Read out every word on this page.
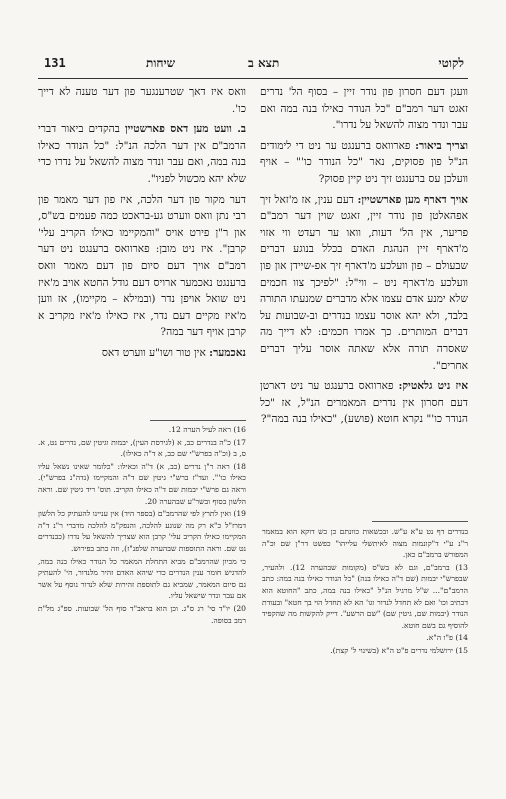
131	שיחות	תצא ב	לקוטי

וועגן דעם חסרון פון נודר זיין – בסוף הל' נדרים זאגט דער רמב"ם "כל הנודר כאילו בנה במה ואם עבר ונדר מצוה להשאל על נדרו".

וצריך ביאור: פארוואס ברענגט ער ניט די לימודים הנ"ל פון פסוקים, נאר "כל הנודר כו'" – אויף וועלכן עס ברענגט זיך ניט קיין פסוק?

אויך דארף מען פארשטיין: דעם ענין, אז מ'זאל זיך אפהאלטן פון נודר זיין, זאגט שוין דער רמב"ם פריער, אין הל' דעות, וואו ער רעדט ווי אזוי מ'דארף זיין הנהגת האדם בכלל בנוגע דברים שבעולם – פון וועלכע מ'דארף זיך אפ-שיידן און פון וועלכע מ'דארף ניט – ווי"ל: "לפיכך צוו חכמים שלא ימנע אדם עצמו אלא מדברים שמנעתו התורה בלבד, ולא יהא אוסר עצמו בנדרים וב-שבועות על דברים המותרים. כך אמרו חכמים: לא דייך מה שאסרה תורה אלא שאתה אוסר עליך דברים אחרים".

איז ניט גלאטיק: פארוואס ברענגט ער ניט דארטן דעם חסרון אין נדרים המאמרים הנ"ל, אז "כל הנודר כו'" נקרא חוטא (פושע), "כאילו בנה במה"?

וואס איז דאך שטרענגער פון דער טענה לא דייך כו'.

ב. וועט מען דאס פארשטיין בהקדים ביאור דברי הרמב"ם אין דער הלכה הנ"ל: "כל הנודר כאילו בנה במה, ואם עבר ונדר מצוה להשאל על נדרו כדי שלא יהא מכשול לפניו".

דער מקור פון דער הלכה, איז פון דער מאמר פון רבי נתן וואס ווערט גע-בראכט כמה פעמים בש"ס, און ר"ן פירט אויס "והמקיימו כאילו הקריב עלי' קרבן". איז ניט מובן: פארוואס ברענגט ניט דער רמב"ם אויך דעם סיום פון דעם מאמר וואס ברענגט נאכמער ארויס דעם גודל החטא אויב מ'איז ניט שואל אויפן נדר (ובמילא – מקיימו), אז ווען מ'איז מקיים דעם נדר, איז כאילו מ'איז מקריב א קרבן אויף דער במה?

נאכמער: אין טור ושו"ע ווערט דאס

16) ראה לעיל הערה 12.

17) כ"ה בנדרים כב, א (לגירסת העין), יבמות וגיטין שם, נדרים נט, א. ס, ב (וכ"ה בפרש"י שם כב, א ד"ה כאילו).

18) ראה ר"ן נדרים (כב, א) ד"ה וכאילו: "כלומר שאינו נשאל עליו כאילו כו'". ועד"ז ברש"י גיטין שם ד"ה והמקיימו (נדה"נ בפרש"י). וראה גם פרש"י יבמות שם ד"ה כאילו הקריב. תוס' ריד גיטין שם. וראה הלשון בסוף ובשר"ע שבהערה 20.

19) ואין לתרץ לפי שהרמב"ם (בספר היד) אין עניינו להעתיק כל הלשון דמרז"ל כ"א רק מה שנוגע להלכה, והנפק"מ להלכה מדברי ר"נ ד"ה המקיימו כאילו הקריב עלי' קרבן הוא שצריך להשאל על נדרו (כבנדרים נט שם. וראה התוספות שבהערה שלפנ"ז), וזה כתב בפירוש.

כי מכיון שהרמב"ם מביא התחלת המאמר כל הנודר כאילו בנה במה, להדגיש חומר ענין הנדרים כדי שיהא האדם זהיר מלנדור, הי' להעתיק גם סיום המאמר, שמביא גם לתוספת זהירות שלא לנדור נוסף על אשר אם עבר ונדר שישאל עליו.

20) יו"ד סי' רג ס"ג. וכן הוא בראב"ד סוף הל' שבועות. ספ"ג מל"ת רמב בסופה.

בנדרים דף נט ע"א ע"ש. ובכשאות כוונתם כן כש דוקא הוא במאמר ר"נ ע"י ד"קונמות מצוה לאיתשלי עלייהו" כפשט דר"ן שם וכ"ה המפורש ברמב"ם כאן.

13) ברמב"ם, וגם לא בש"ס (מקומות שבהערה 12). ולהעיר, שבפרש"י יבמות (שם ד"ה כאילו בנה) "כל הנודר כאילו בנה במה: כתב הרמב"ם"... ש"ל מרגיל הנ"ל "כאילו בנה במה, כתב "החוטא הוא דכתיב וכו' ואם לא תחדל לנדור וגו' הא לא תחדל הוי בך חטא" ובעודת הנודר (יבמות שם, גיטין שם) "שם הרשע". דייק להקשות מה שהקפיד להוסיף גם בשם חוטא.

14) פ"ו ה"א.

15) ירושלמי נדרים פ"ט ה"א (בשינוי ל' קצת).
